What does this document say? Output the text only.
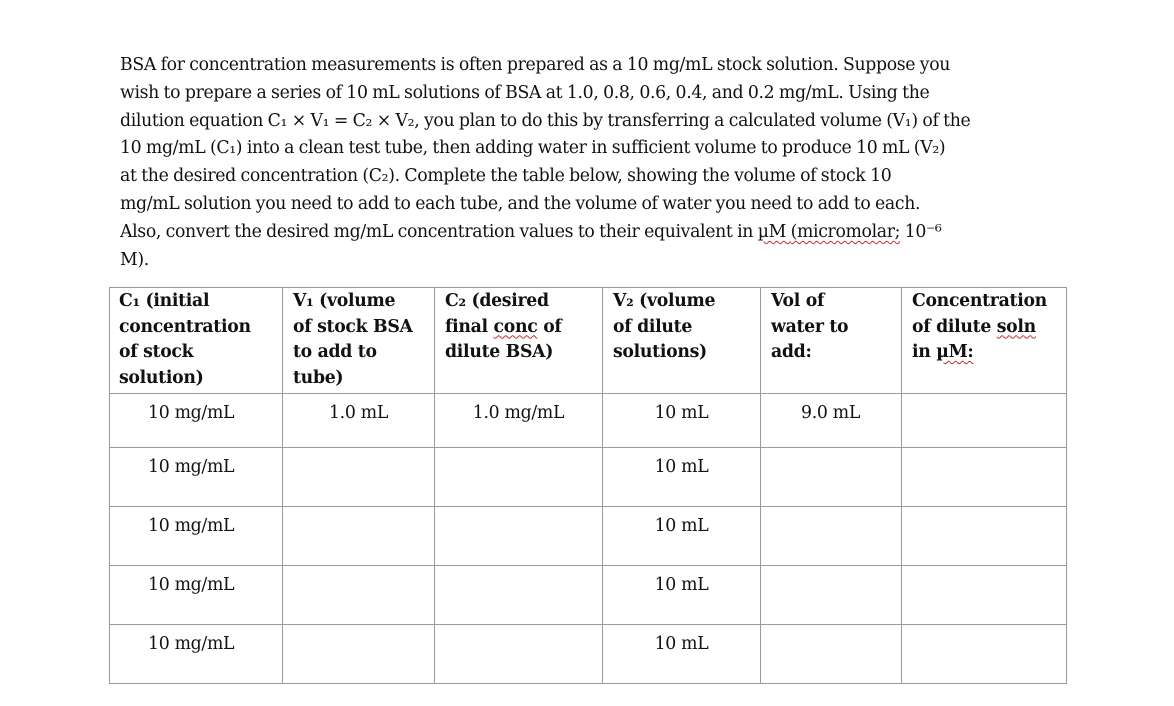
BSA for concentration measurements is often prepared as a 10 mg/mL stock solution. Suppose you
wish to prepare a series of 10 mL solutions of BSA at 1.0, 0.8, 0.6, 0.4, and 0.2 mg/mL. Using the
dilution equation C₁ × V₁ = C₂ × V₂, you plan to do this by transferring a calculated volume (V₁) of the
10 mg/mL (C₁) into a clean test tube, then adding water in sufficient volume to produce 10 mL (V₂)
at the desired concentration (C₂). Complete the table below, showing the volume of stock 10
mg/mL solution you need to add to each tube, and the volume of water you need to add to each.
Also, convert the desired mg/mL concentration values to their equivalent in µM (micromolar; 10⁻⁶
M).
C₁ (initial
concentration
of stock
solution)	V₁ (volume
of stock BSA
to add to
tube)	C₂ (desired
final conc of
dilute BSA)	V₂ (volume
of dilute
solutions)	Vol of
water to
add:	Concentration
of dilute soln
in µM:

10 mg/mL	1.0 mL	1.0 mg/mL	10 mL	9.0 mL	
10 mg/mL			10 mL		
10 mg/mL			10 mL		
10 mg/mL			10 mL		
10 mg/mL			10 mL		
